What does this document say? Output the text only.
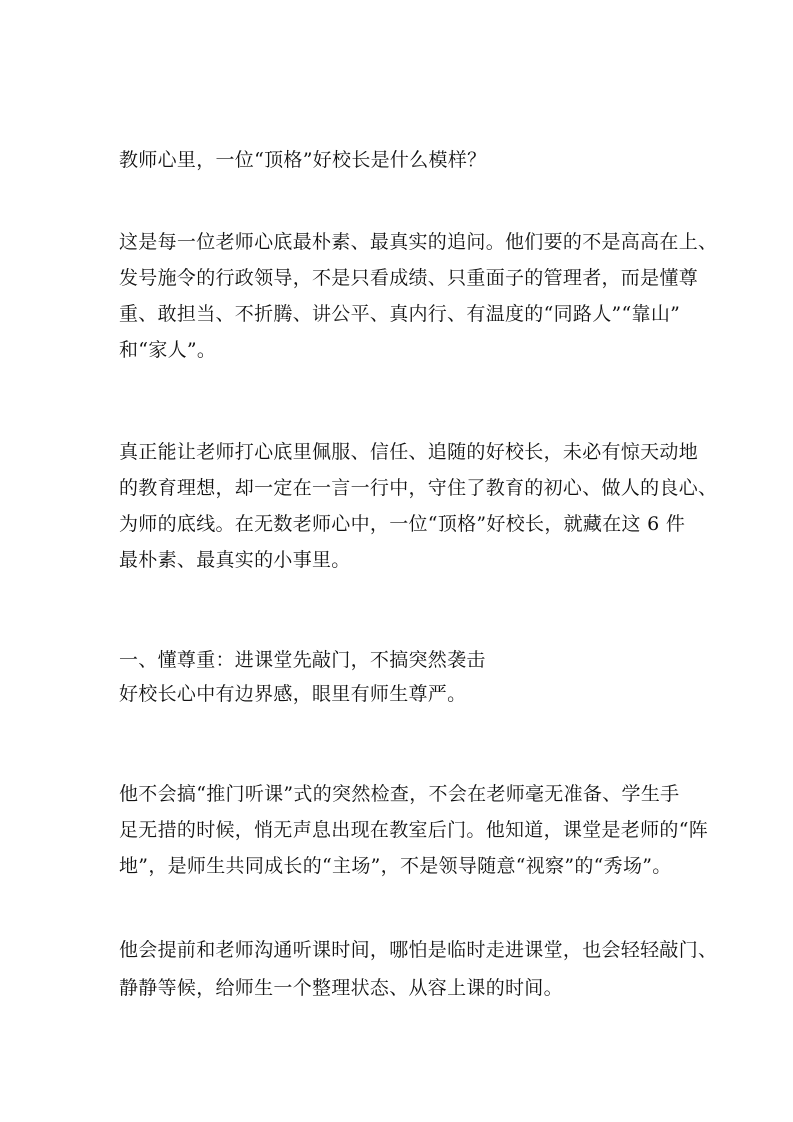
教师心里，一位“顶格”好校长是什么模样？
这是每一位老师心底最朴素、最真实的追问。他们要的不是高高在上、
发号施令的行政领导，不是只看成绩、只重面子的管理者，而是懂尊
重、敢担当、不折腾、讲公平、真内行、有温度的“同路人”“靠山”
和“家人”。
真正能让老师打心底里佩服、信任、追随的好校长，未必有惊天动地
的教育理想，却一定在一言一行中，守住了教育的初心、做人的良心、
为师的底线。在无数老师心中，一位“顶格”好校长，就藏在这 6 件
最朴素、最真实的小事里。
一、懂尊重：进课堂先敲门，不搞突然袭击
好校长心中有边界感，眼里有师生尊严。
他不会搞“推门听课”式的突然检查，不会在老师毫无准备、学生手
足无措的时候，悄无声息出现在教室后门。他知道，课堂是老师的“阵
地”，是师生共同成长的“主场”，不是领导随意“视察”的“秀场”。
他会提前和老师沟通听课时间，哪怕是临时走进课堂，也会轻轻敲门、
静静等候，给师生一个整理状态、从容上课的时间。
